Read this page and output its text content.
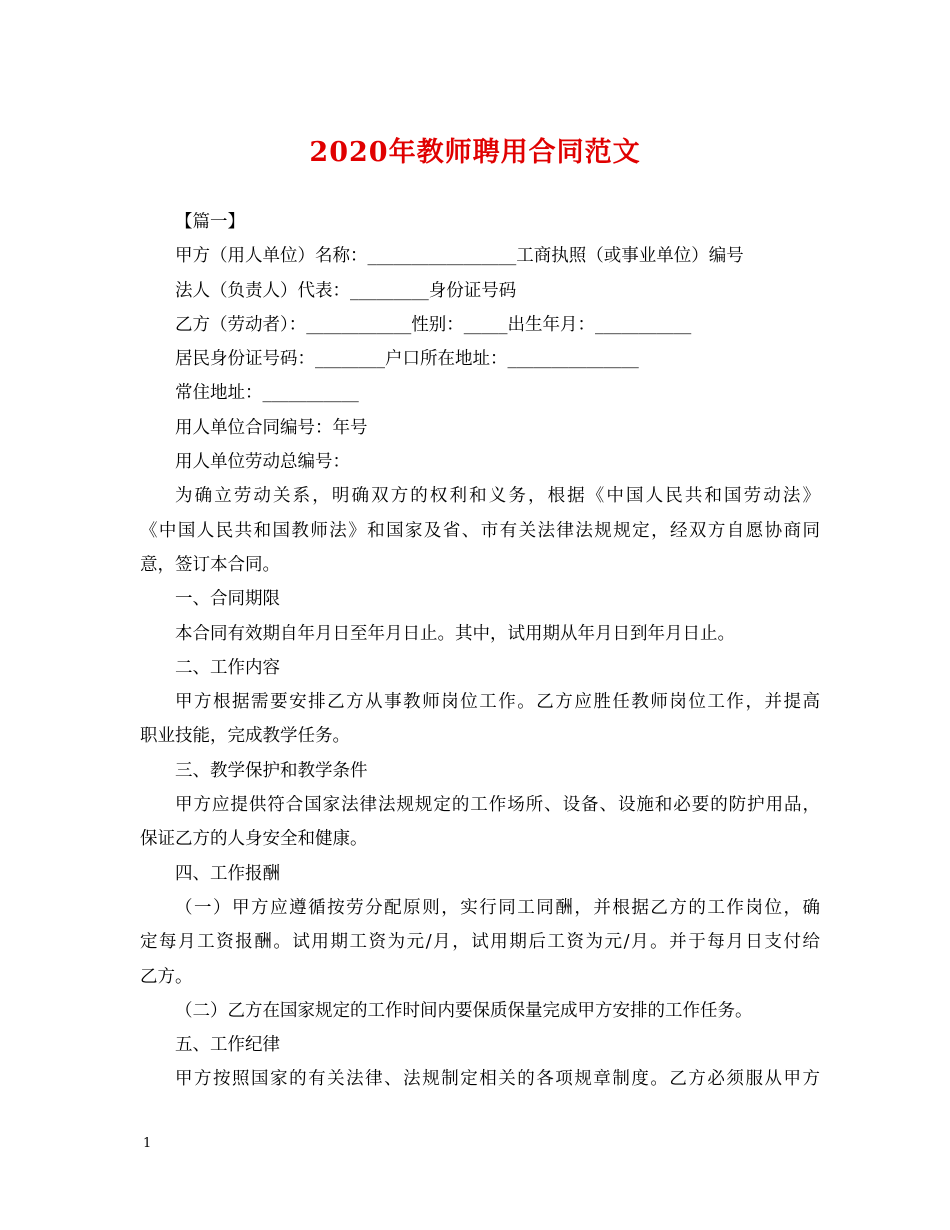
2020年教师聘用合同范文
【篇一】
甲方（用人单位）名称：_________________工商执照（或事业单位）编号
法人（负责人）代表：_________身份证号码
乙方（劳动者）：____________性别：_____出生年月：___________
居民身份证号码：________户口所在地址：_______________
常住地址：___________
用人单位合同编号：年号
用人单位劳动总编号：
为确立劳动关系，明确双方的权利和义务，根据《中国人民共和国劳动法》
《中国人民共和国教师法》和国家及省、市有关法律法规规定，经双方自愿协商同
意，签订本合同。
一、合同期限
本合同有效期自年月日至年月日止。其中，试用期从年月日到年月日止。
二、工作内容
甲方根据需要安排乙方从事教师岗位工作。乙方应胜任教师岗位工作，并提高
职业技能，完成教学任务。
三、教学保护和教学条件
甲方应提供符合国家法律法规规定的工作场所、设备、设施和必要的防护用品，
保证乙方的人身安全和健康。
四、工作报酬
（一）甲方应遵循按劳分配原则，实行同工同酬，并根据乙方的工作岗位，确
定每月工资报酬。试用期工资为元/月，试用期后工资为元/月。并于每月日支付给
乙方。
（二）乙方在国家规定的工作时间内要保质保量完成甲方安排的工作任务。
五、工作纪律
甲方按照国家的有关法律、法规制定相关的各项规章制度。乙方必须服从甲方
1
